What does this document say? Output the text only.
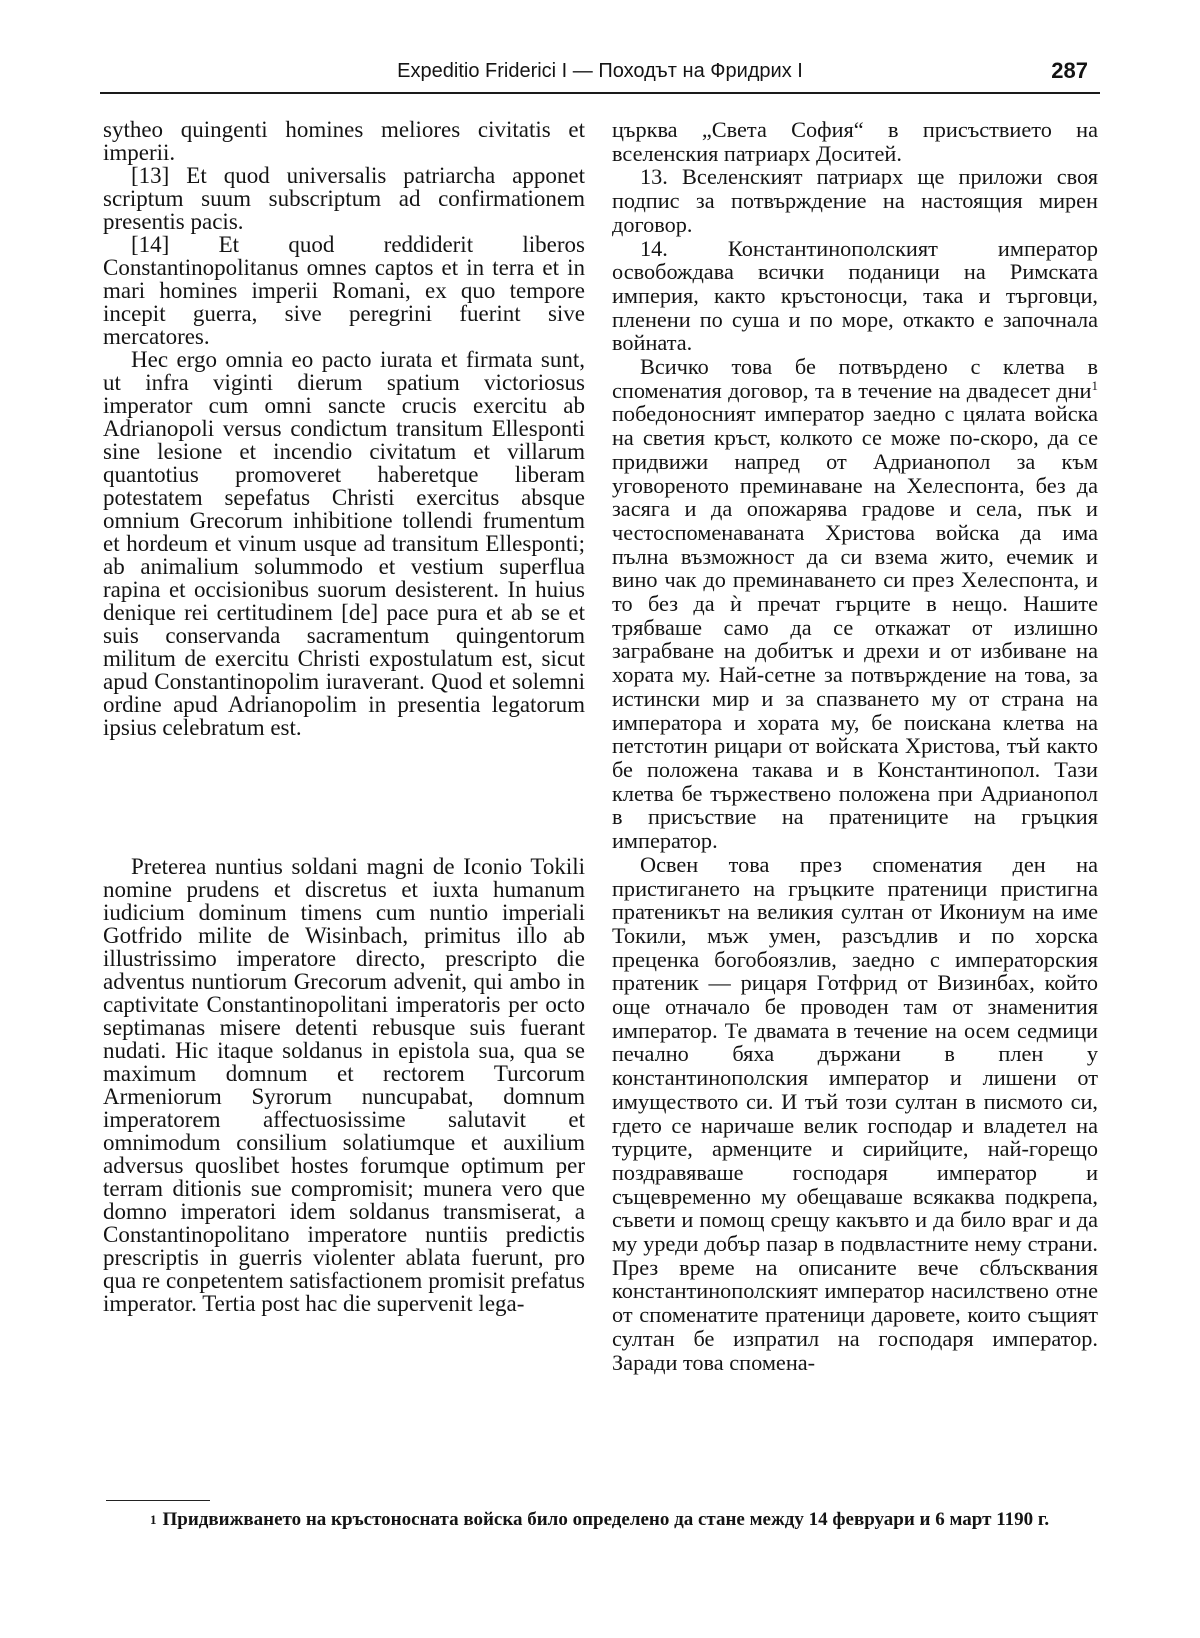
Expeditio Friderici I — Походът на Фридрих I	287

sytheo quingenti homines meliores civitatis et imperii.

[13] Et quod universalis patriarcha apponet scriptum suum subscriptum ad confirmationem presentis pacis.

[14] Et quod reddiderit liberos Constantinopolitanus omnes captos et in terra et in mari homines imperii Romani, ex quo tempore incepit guerra, sive peregrini fuerint sive mercatores.

Hec ergo omnia eo pacto iurata et firmata sunt, ut infra viginti dierum spatium victoriosus imperator cum omni sancte crucis exercitu ab Adrianopoli versus condictum transitum Ellesponti sine lesione et incendio civitatum et villarum quantotius promoveret haberetque liberam potestatem sepefatus Christi exercitus absque omnium Grecorum inhibitione tollendi frumentum et hordeum et vinum usque ad transitum Ellesponti; ab animalium solummodo et vestium superflua rapina et occisionibus suorum desisterent. In huius denique rei certitudinem [de] pace pura et ab se et suis conservanda sacramentum quingentorum militum de exercitu Christi expostulatum est, sicut apud Constantinopolim iuraverant. Quod et solemni ordine apud Adrianopolim in presentia legatorum ipsius celebratum est.

Preterea nuntius soldani magni de Iconio Tokili nomine prudens et discretus et iuxta humanum iudicium dominum timens cum nuntio imperiali Gotfrido milite de Wisinbach, primitus illo ab illustrissimo imperatore directo, prescripto die adventus nuntiorum Grecorum advenit, qui ambo in captivitate Constantinopolitani imperatoris per octo septimanas misere detenti rebusque suis fuerant nudati. Hic itaque soldanus in epistola sua, qua se maximum domnum et rectorem Turcorum Armeniorum Syrorum nuncupabat, domnum imperatorem affectuosissime salutavit et omnimodum consilium solatiumque et auxilium adversus quoslibet hostes forumque optimum per terram ditionis sue compromisit; munera vero que domno imperatori idem soldanus transmiserat, a Constantinopolitano imperatore nuntiis predictis prescriptis in guerris violenter ablata fuerunt, pro qua re conpetentem satisfactionem promisit prefatus imperator. Tertia post hac die supervenit lega-

църква „Света София“ в присъствието на вселенския патриарх Доситей.

13. Вселенският патриарх ще приложи своя подпис за потвърждение на настоящия мирен договор.

14. Константинополският император освобождава всички поданици на Римската империя, както кръстоносци, така и търговци, пленени по суша и по море, откакто е започнала войната.

Всичко това бе потвърдено с клетва в споменатия договор, та в течение на двадесет дни$^1$ победоносният император заедно с цялата войска на светия кръст, колкото се може по-скоро, да се придвижи напред от Адрианопол за към уговореното преминаване на Хелеспонта, без да засяга и да опожарява градове и села, пък и честоспоменаваната Христова войска да има пълна възможност да си взема жито, ечемик и вино чак до преминаването си през Хелеспонта, и то без да ѝ пречат гърците в нещо. Нашите трябваше само да се откажат от излишно заграбване на добитък и дрехи и от избиване на хората му. Най-сетне за потвърждение на това, за истински мир и за спазването му от страна на императора и хората му, бе поискана клетва на петстотин рицари от войската Христова, тъй както бе положена такава и в Константинопол. Тази клетва бе тържествено положена при Адрианопол в присъствие на пратениците на гръцкия император.

Освен това през споменатия ден на пристигането на гръцките пратеници пристигна пратеникът на великия султан от Икониум на име Токили, мъж умен, разсъдлив и по хорска преценка богобоязлив, заедно с императорския пратеник — рицаря Готфрид от Визинбах, който още отначало бе проводен там от знаменития император. Те двамата в течение на осем седмици печално бяха държани в плен у константинополския император и лишени от имуществото си. И тъй този султан в писмото си, гдето се наричаше велик господар и владетел на турците, арменците и сирийците, най-горещо поздравяваше господаря император и същевременно му обещаваше всякаква подкрепа, съвети и помощ срещу какъвто и да било враг и да му уреди добър пазар в подвластните нему страни. През време на описаните вече сблъсквания константинополският император насилствено отне от споменатите пратеници даровете, които същият султан бе изпратил на господаря император. Заради това спомена-

$^1$ Придвижването на кръстоносната войска било определено да стане между 14 февруари и 6 март 1190 г.
